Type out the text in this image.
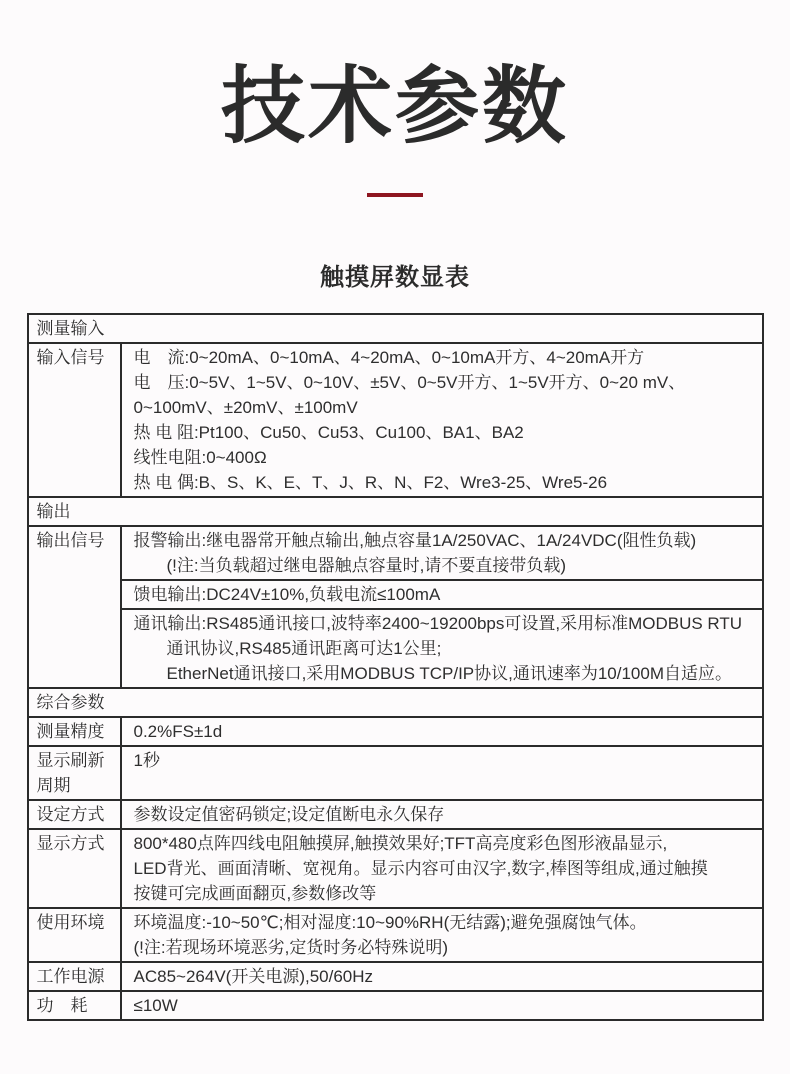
技术参数
触摸屏数显表
测量输入	
输入信号	电　流:0~20mA、0~10mA、4~20mA、0~10mA开方、4~20mA开方
电　压:0~5V、1~5V、0~10V、±5V、0~5V开方、1~5V开方、0~20 mV、
0~100mV、±20mV、±100mV
热 电 阻:Pt100、Cu50、Cu53、Cu100、BA1、BA2
线性电阻:0~400Ω
热 电 偶:B、S、K、E、T、J、R、N、F2、Wre3-25、Wre5-26

输出	
输出信号	报警输出:继电器常开触点输出,触点容量1A/250VAC、1A/24VDC(阻性负载)
(!注:当负载超过继电器触点容量时,请不要直接带负载)

	馈电输出:DC24V±10%,负载电流≤100mA

	通讯输出:RS485通讯接口,波特率2400~19200bps可设置,采用标准MODBUS RTU
通讯协议,RS485通讯距离可达1公里;
EtherNet通讯接口,采用MODBUS TCP/IP协议,通讯速率为10/100M自适应。

综合参数	
测量精度	0.2%FS±1d
显示刷新周期	1秒
设定方式	参数设定值密码锁定;设定值断电永久保存
显示方式	800*480点阵四线电阻触摸屏,触摸效果好;TFT高亮度彩色图形液晶显示,
LED背光、画面清晰、宽视角。显示内容可由汉字,数字,棒图等组成,通过触摸
按键可完成画面翻页,参数修改等

使用环境	环境温度:-10~50℃;相对湿度:10~90%RH(无结露);避免强腐蚀气体。
(!注:若现场环境恶劣,定货时务必特殊说明)

工作电源	AC85~264V(开关电源),50/60Hz
功　耗	≤10W
